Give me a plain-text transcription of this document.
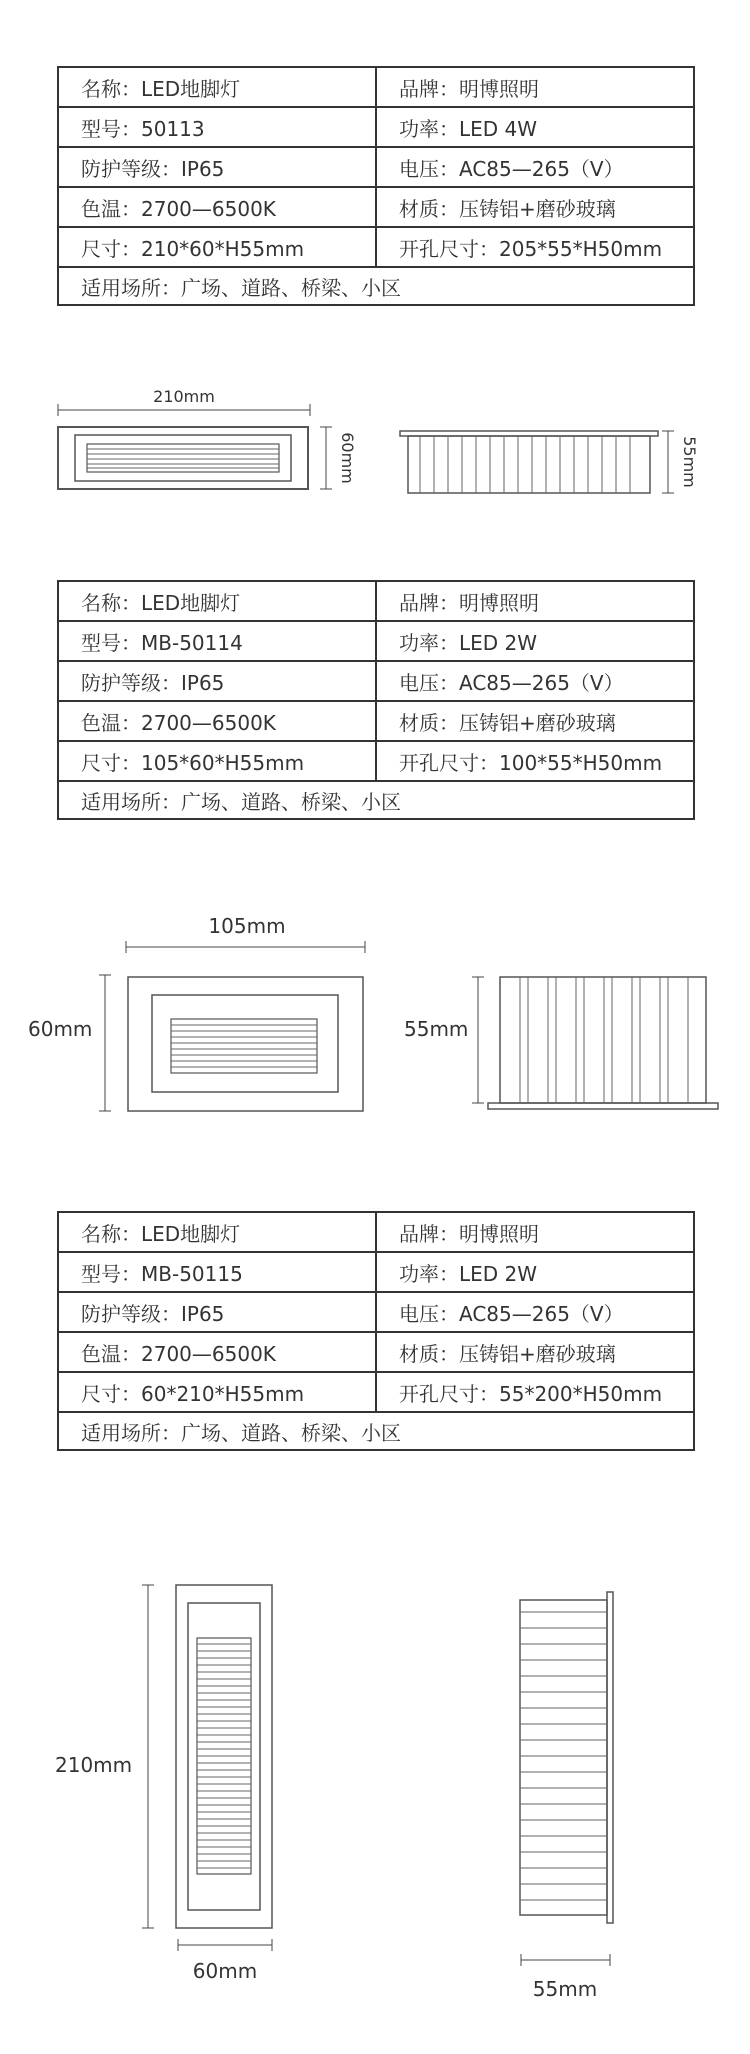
名称：LED地脚灯	品牌：明博照明
型号：50113	功率：LED 4W
防护等级：IP65	电压：AC85—265（V）
色温：2700—6500K	材质：压铸铝+磨砂玻璃
尺寸：210*60*H55mm	开孔尺寸：205*55*H50mm
适用场所：广场、道路、桥梁、小区	
210mm
60mm	55mm
名称：LED地脚灯	品牌：明博照明
型号：MB-50114	功率：LED 2W
防护等级：IP65	电压：AC85—265（V）
色温：2700—6500K	材质：压铸铝+磨砂玻璃
尺寸：105*60*H55mm	开孔尺寸：100*55*H50mm
适用场所：广场、道路、桥梁、小区	
105mm
60mm	55mm
名称：LED地脚灯	品牌：明博照明
型号：MB-50115	功率：LED 2W
防护等级：IP65	电压：AC85—265（V）
色温：2700—6500K	材质：压铸铝+磨砂玻璃
尺寸：60*210*H55mm	开孔尺寸：55*200*H50mm
适用场所：广场、道路、桥梁、小区	
210mm
60mm
55mm
